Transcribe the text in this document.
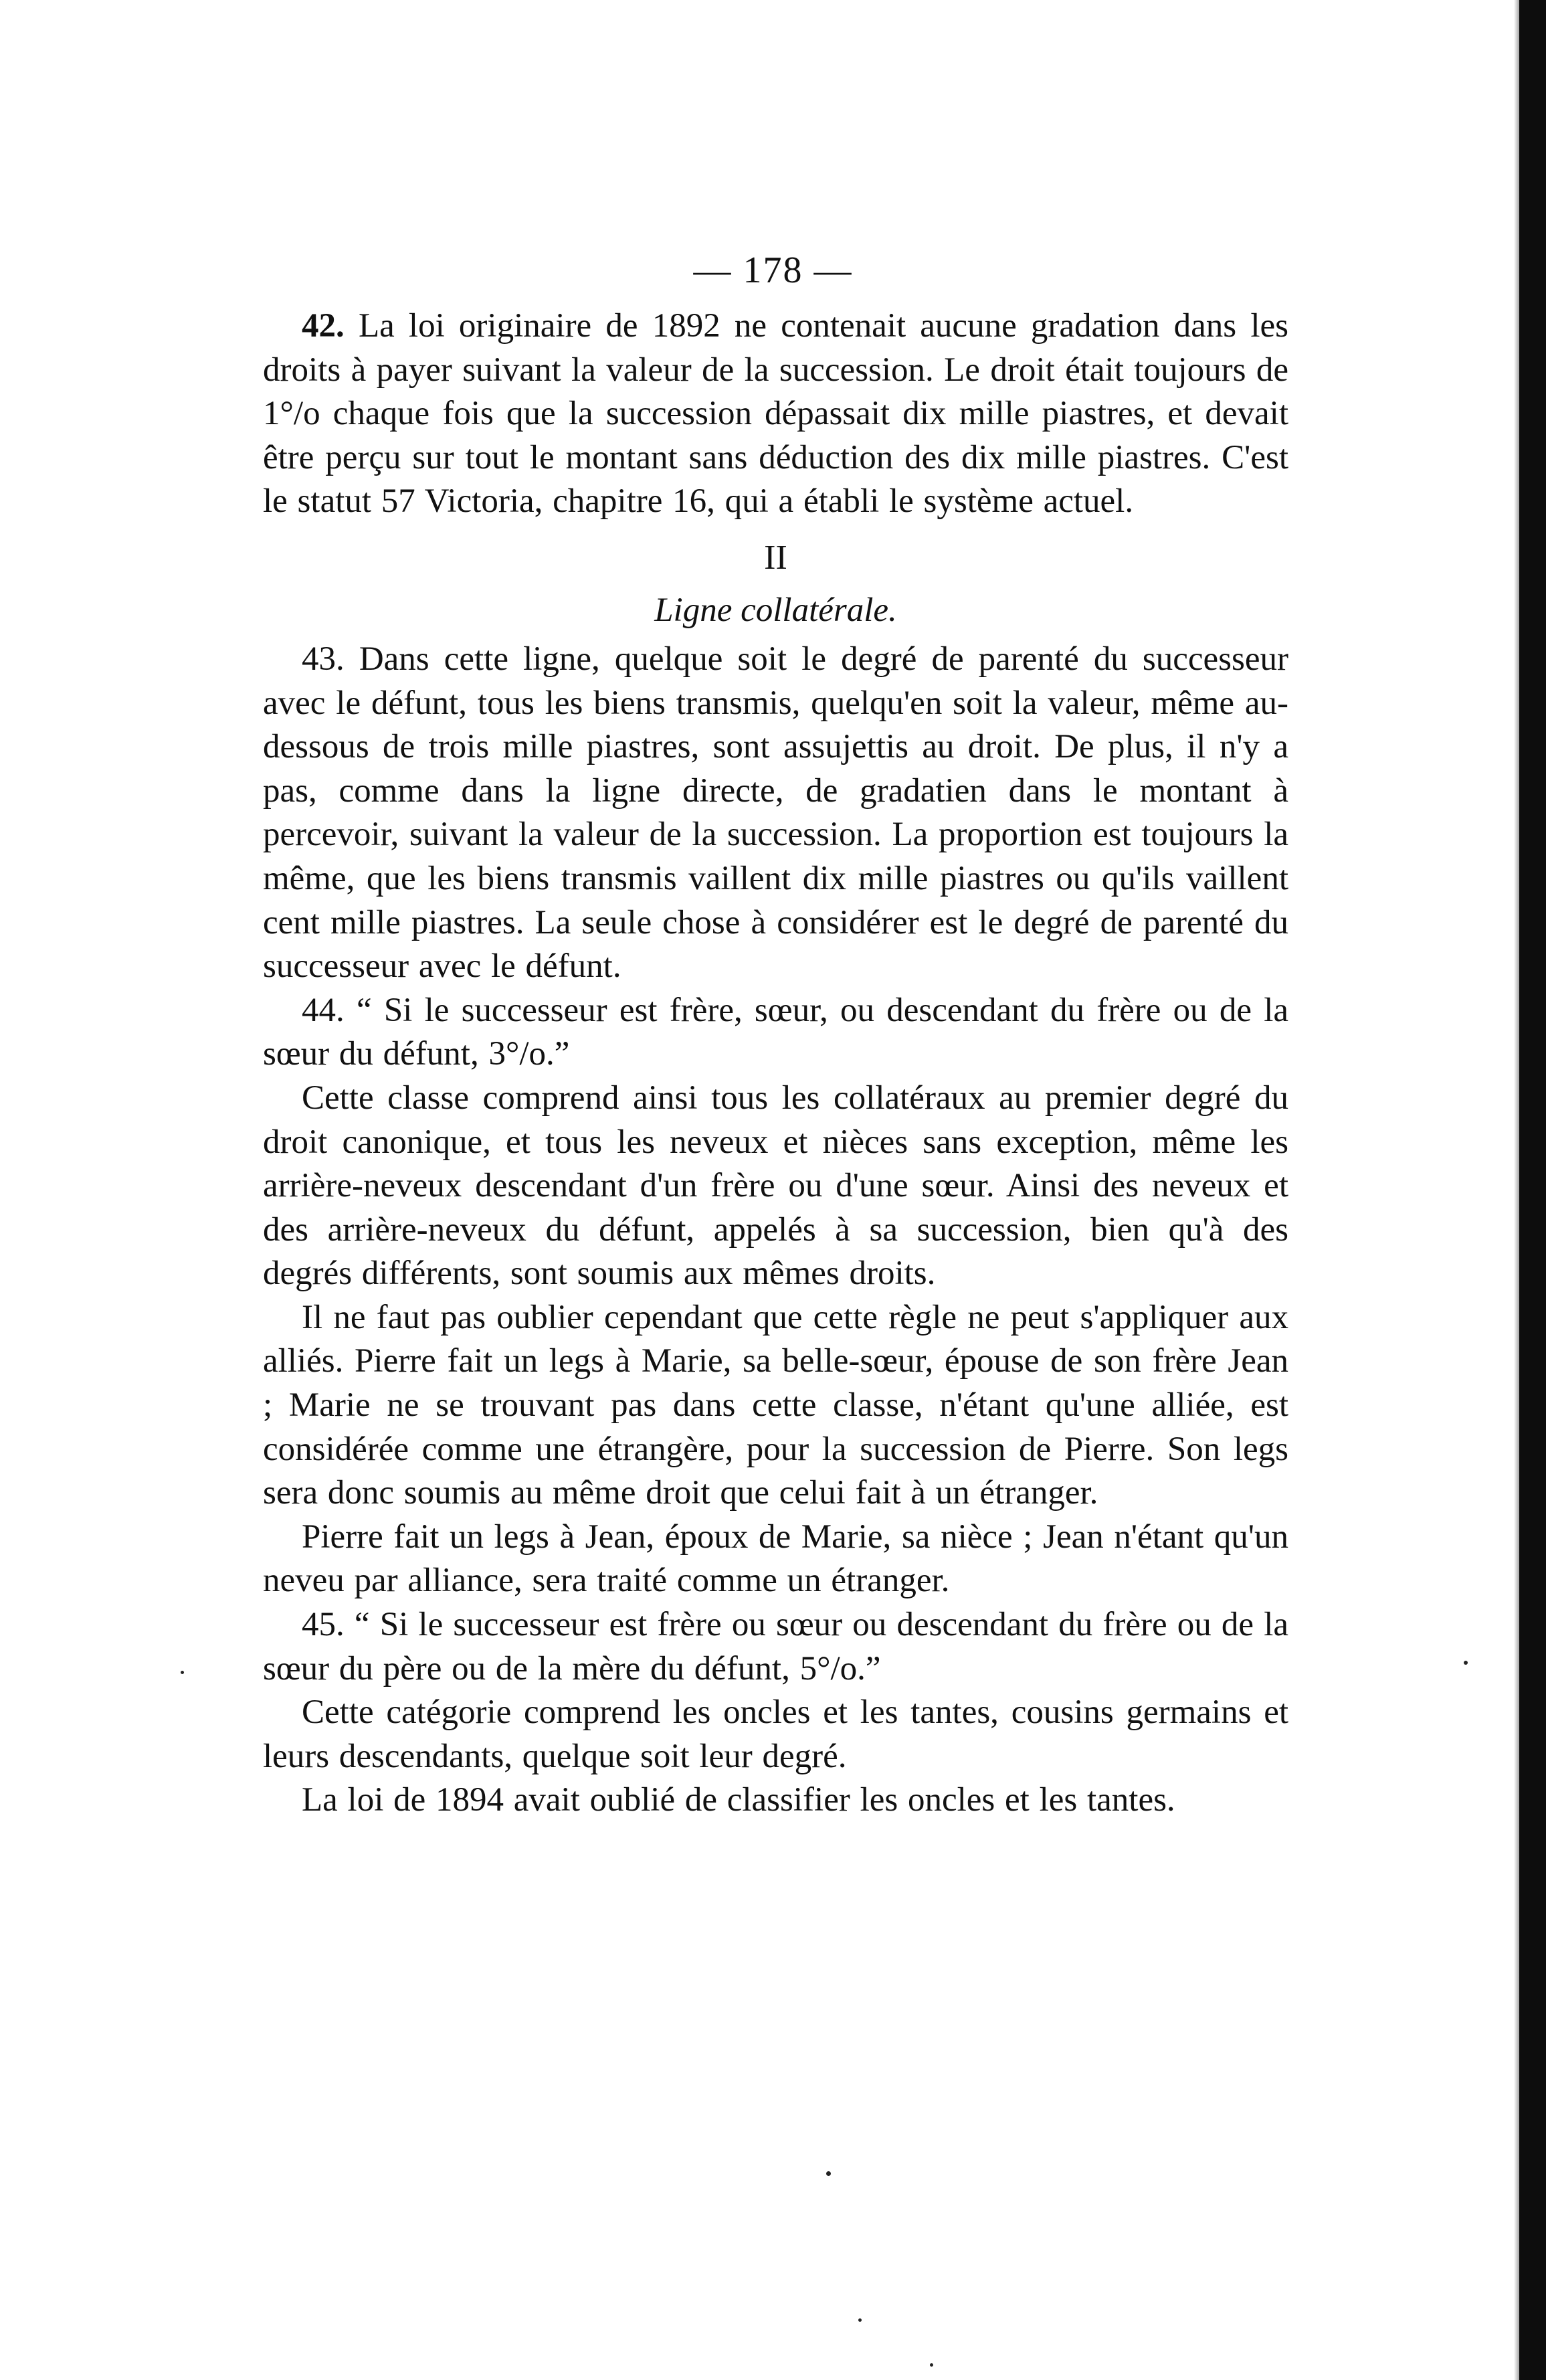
— 178 —

42. La loi originaire de 1892 ne contenait aucune gradation dans les droits à payer suivant la valeur de la succession. Le droit était toujours de 1°/o chaque fois que la succession dépassait dix mille piastres, et devait être perçu sur tout le montant sans déduction des dix mille piastres. C'est le statut 57 Victoria, chapitre 16, qui a établi le système actuel.

II
Ligne collatérale.

43. Dans cette ligne, quelque soit le degré de parenté du successeur avec le défunt, tous les biens transmis, quelqu'en soit la valeur, même au-dessous de trois mille piastres, sont assujettis au droit. De plus, il n'y a pas, comme dans la ligne directe, de gradatien dans le montant à percevoir, suivant la valeur de la succession. La proportion est toujours la même, que les biens transmis vaillent dix mille piastres ou qu'ils vaillent cent mille piastres. La seule chose à considérer est le degré de parenté du successeur avec le défunt.

44. “ Si le successeur est frère, sœur, ou descendant du frère ou de la sœur du défunt, 3°/o.”

Cette classe comprend ainsi tous les collatéraux au premier degré du droit canonique, et tous les neveux et nièces sans exception, même les arrière-neveux descendant d'un frère ou d'une sœur. Ainsi des neveux et des arrière-neveux du défunt, appelés à sa succession, bien qu'à des degrés différents, sont soumis aux mêmes droits.

Il ne faut pas oublier cependant que cette règle ne peut s'appliquer aux alliés. Pierre fait un legs à Marie, sa belle-sœur, épouse de son frère Jean ; Marie ne se trouvant pas dans cette classe, n'étant qu'une alliée, est considérée comme une étrangère, pour la succession de Pierre. Son legs sera donc soumis au même droit que celui fait à un étranger.

Pierre fait un legs à Jean, époux de Marie, sa nièce ; Jean n'étant qu'un neveu par alliance, sera traité comme un étranger.

45. “ Si le successeur est frère ou sœur ou descendant du frère ou de la sœur du père ou de la mère du défunt, 5°/o.”

Cette catégorie comprend les oncles et les tantes, cousins germains et leurs descendants, quelque soit leur degré.

La loi de 1894 avait oublié de classifier les oncles et les tantes.
